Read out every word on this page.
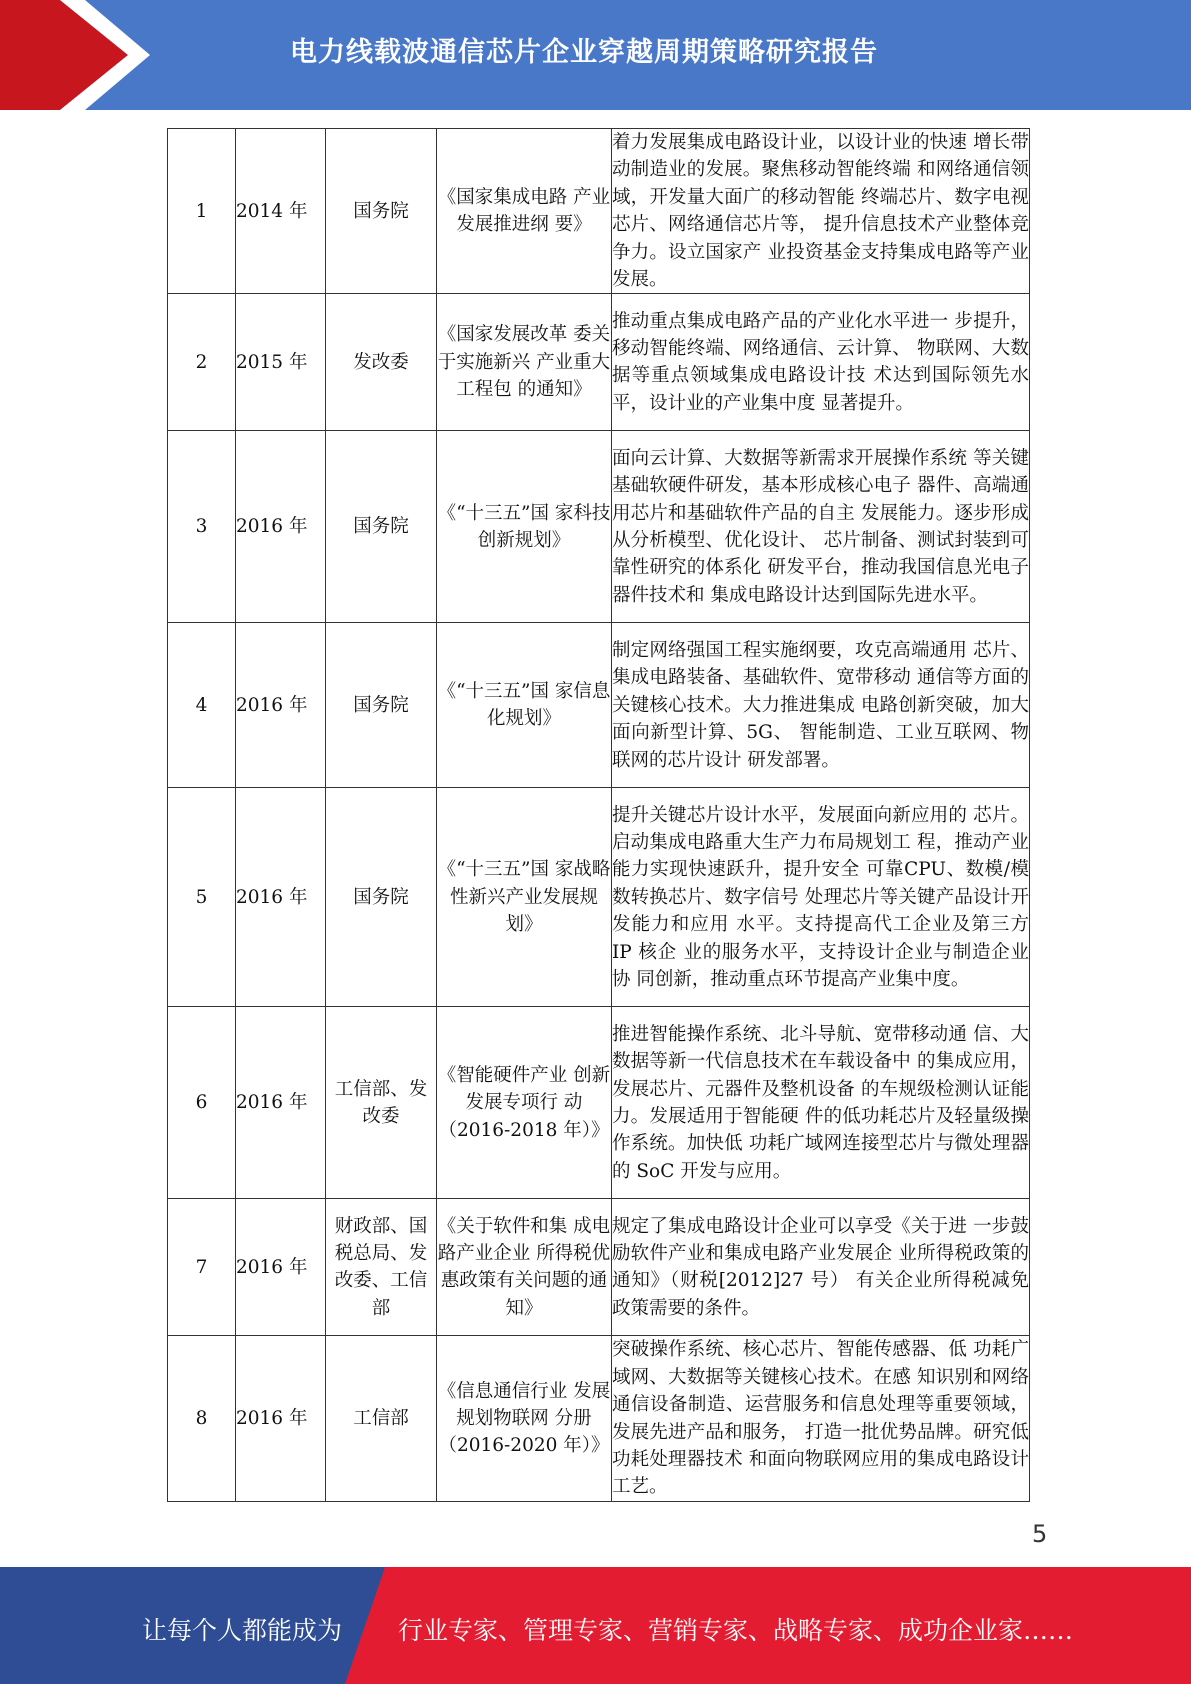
电力线载波通信芯片企业穿越周期策略研究报告
1	2014 年	国务院	《国家集成电路 产业发展推进纲 要》	着力发展集成电路设计业，以设计业的快速 增长带动制造业的发展。聚焦移动智能终端 和网络通信领域，开发量大面广的移动智能 终端芯片、数字电视芯片、网络通信芯片等， 提升信息技术产业整体竞争力。设立国家产 业投资基金支持集成电路等产业发展。
2	2015 年	发改委	《国家发展改革 委关于实施新兴 产业重大工程包 的通知》	推动重点集成电路产品的产业化水平进一 步提升，移动智能终端、网络通信、云计算、 物联网、大数据等重点领域集成电路设计技 术达到国际领先水平，设计业的产业集中度 显著提升。
3	2016 年	国务院	《“十三五”国 家科技创新规划》	面向云计算、大数据等新需求开展操作系统 等关键基础软硬件研发，基本形成核心电子 器件、高端通用芯片和基础软件产品的自主 发展能力。逐步形成从分析模型、优化设计、 芯片制备、测试封装到可靠性研究的体系化 研发平台，推动我国信息光电子器件技术和 集成电路设计达到国际先进水平。
4	2016 年	国务院	《“十三五”国 家信息化规划》	制定网络强国工程实施纲要，攻克高端通用 芯片、集成电路装备、基础软件、宽带移动 通信等方面的关键核心技术。大力推进集成 电路创新突破，加大面向新型计算、5G、 智能制造、工业互联网、物联网的芯片设计 研发部署。
5	2016 年	国务院	《“十三五”国 家战略性新兴产业发展规划》	提升关键芯片设计水平，发展面向新应用的 芯片。启动集成电路重大生产力布局规划工 程，推动产业能力实现快速跃升，提升安全 可靠CPU、数模/模数转换芯片、数字信号 处理芯片等关键产品设计开发能力和应用 水平。支持提高代工企业及第三方 IP 核企 业的服务水平，支持设计企业与制造企业协 同创新，推动重点环节提高产业集中度。
6	2016 年	工信部、发改委	《智能硬件产业 创新发展专项行 动（2016-2018 年）》	推进智能操作系统、北斗导航、宽带移动通 信、大数据等新一代信息技术在车载设备中 的集成应用，发展芯片、元器件及整机设备 的车规级检测认证能力。发展适用于智能硬 件的低功耗芯片及轻量级操作系统。加快低 功耗广域网连接型芯片与微处理器的 SoC 开发与应用。
7	2016 年	财政部、国税总局、发改委、工信部	《关于软件和集 成电路产业企业 所得税优惠政策有关问题的通 知》	规定了集成电路设计企业可以享受《关于进 一步鼓励软件产业和集成电路产业发展企 业所得税政策的通知》（财税[2012]27 号） 有关企业所得税减免政策需要的条件。
8	2016 年	工信部	《信息通信行业 发展规划物联网 分册（2016-2020 年）》	突破操作系统、核心芯片、智能传感器、低 功耗广域网、大数据等关键核心技术。在感 知识别和网络通信设备制造、运营服务和信息处理等重要领域，发展先进产品和服务， 打造一批优势品牌。研究低功耗处理器技术 和面向物联网应用的集成电路设计工艺。
5
让每个人都能成为 行业专家、管理专家、营销专家、战略专家、成功企业家……
